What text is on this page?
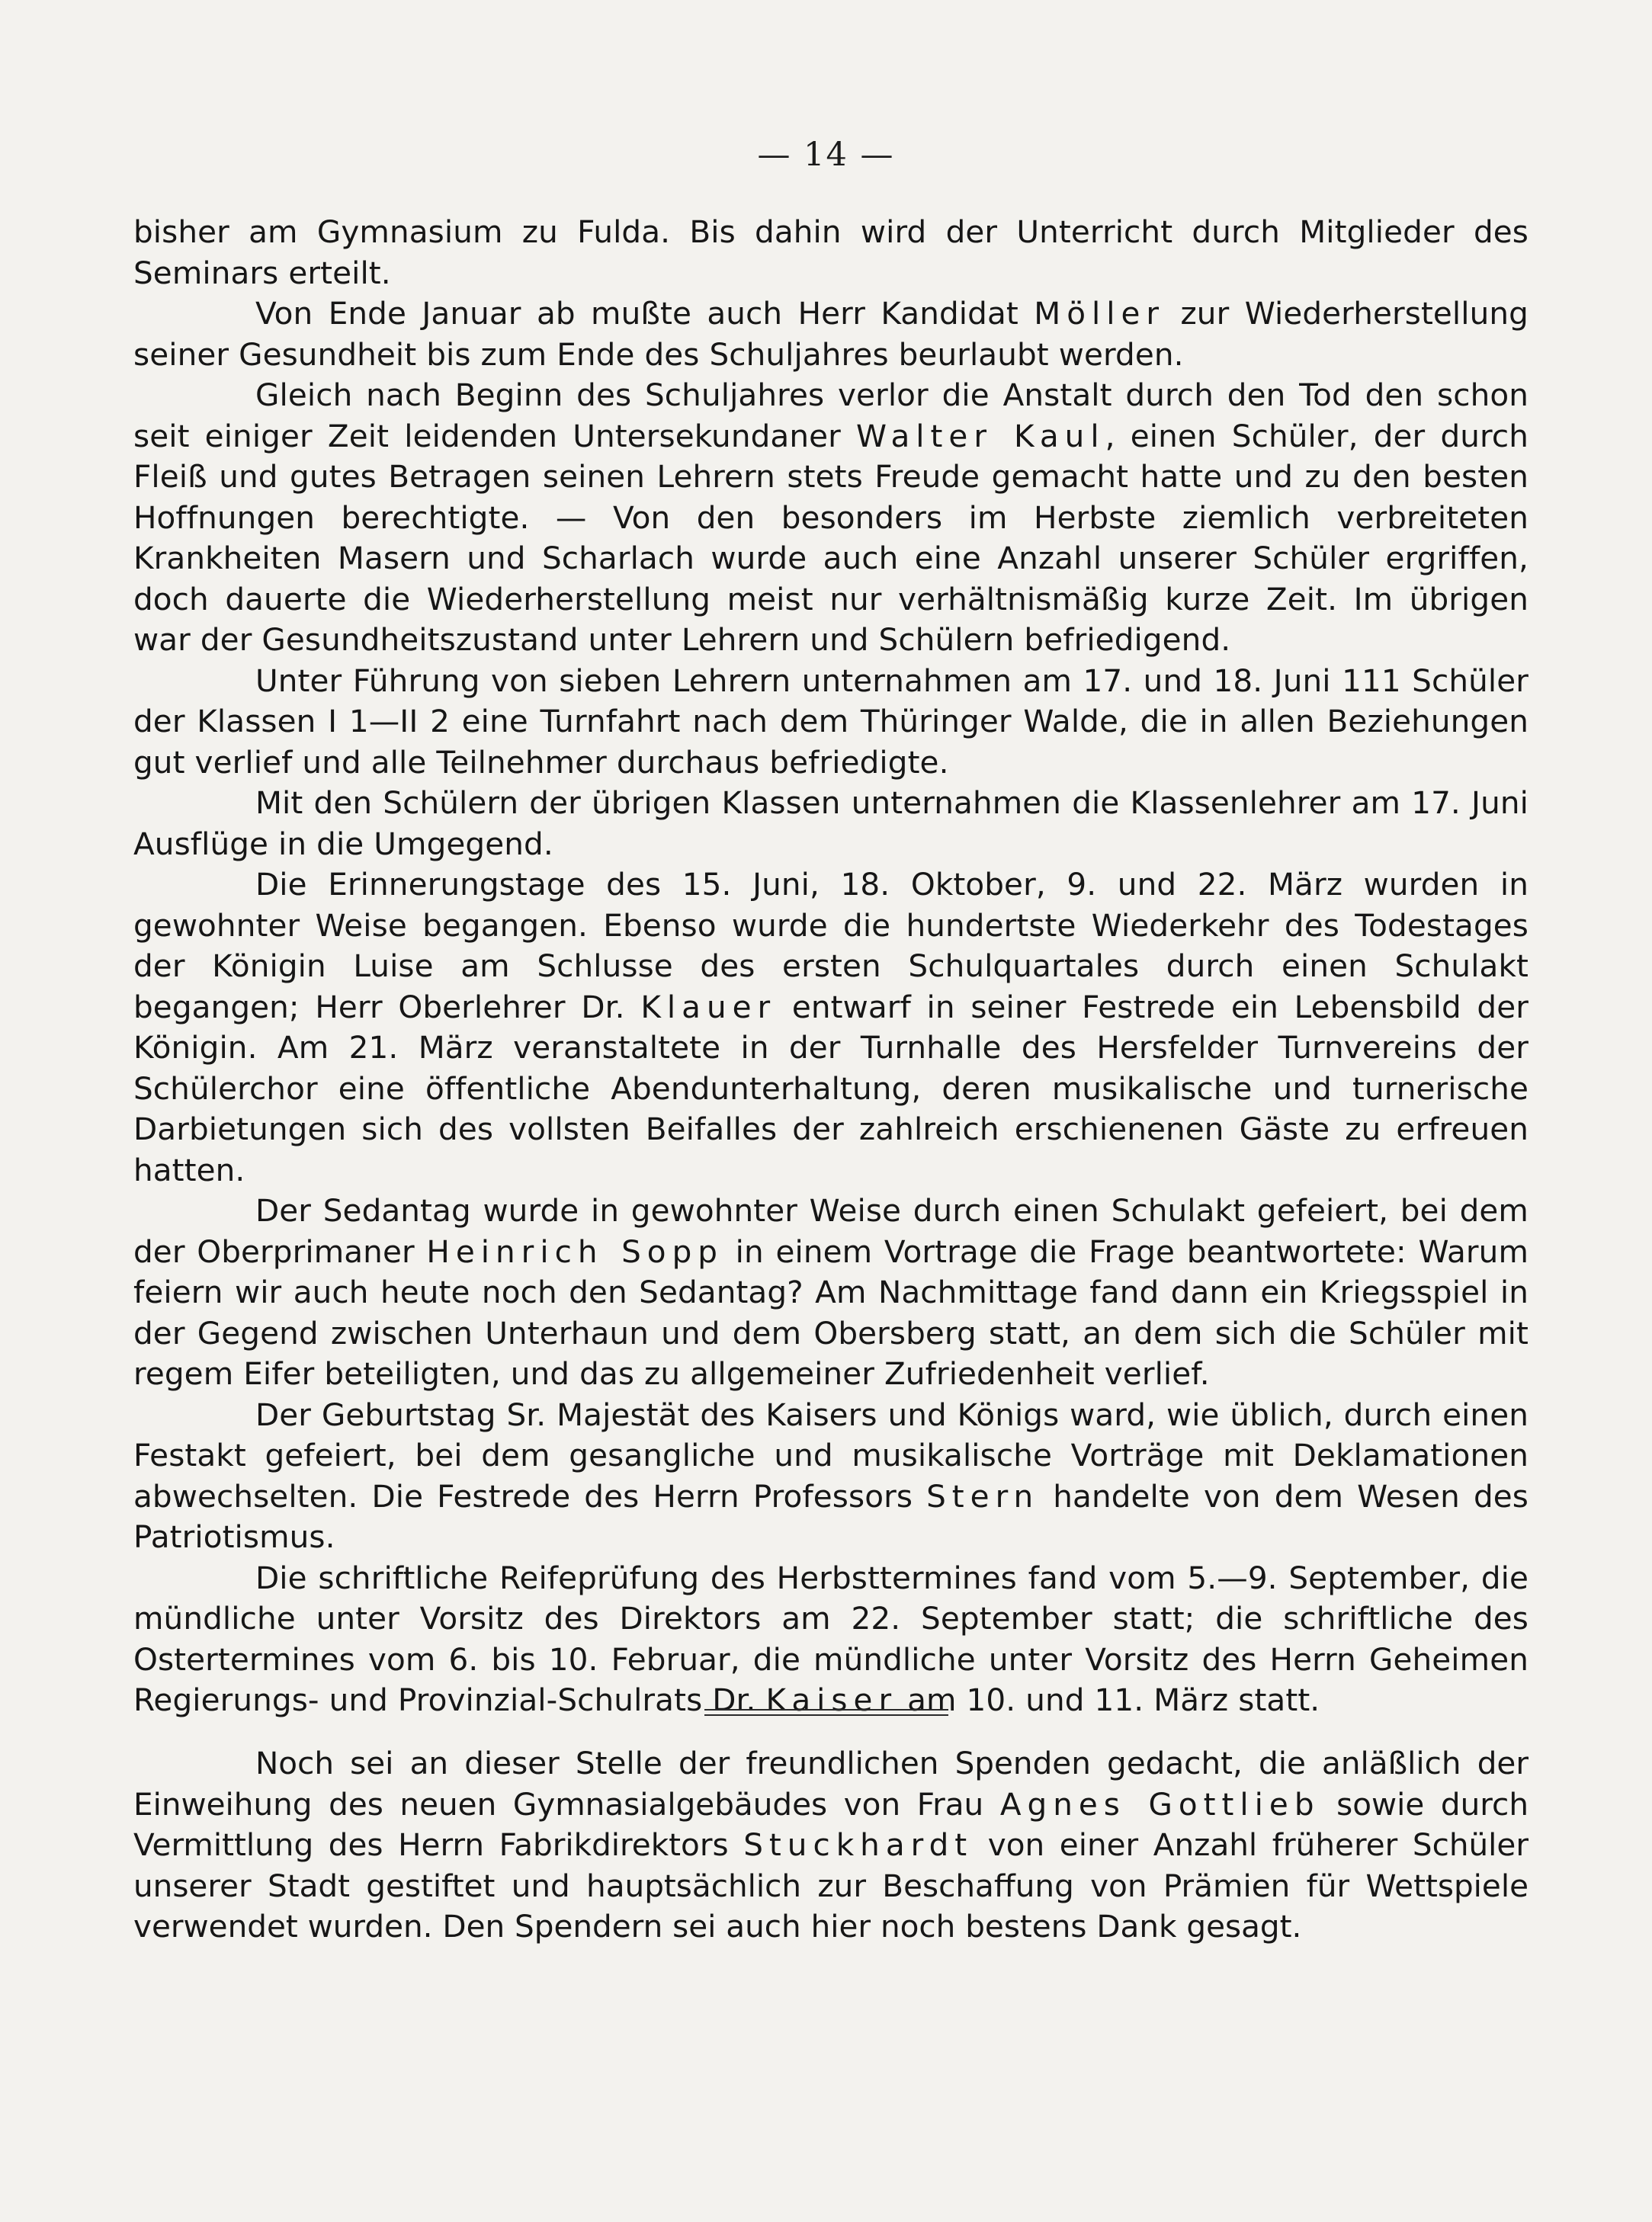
— 14 —

bisher am Gymnasium zu Fulda. Bis dahin wird der Unterricht durch Mitglieder des Seminars erteilt.

Von Ende Januar ab mußte auch Herr Kandidat Möller zur Wiederherstellung seiner Gesundheit bis zum Ende des Schuljahres beurlaubt werden.

Gleich nach Beginn des Schuljahres verlor die Anstalt durch den Tod den schon seit einiger Zeit leidenden Untersekundaner Walter Kaul, einen Schüler, der durch Fleiß und gutes Betragen seinen Lehrern stets Freude gemacht hatte und zu den besten Hoffnungen berechtigte. — Von den besonders im Herbste ziemlich verbreiteten Krankheiten Masern und Scharlach wurde auch eine Anzahl unserer Schüler ergriffen, doch dauerte die Wiederherstellung meist nur verhältnismäßig kurze Zeit. Im übrigen war der Gesundheitszustand unter Lehrern und Schülern befriedigend.

Unter Führung von sieben Lehrern unternahmen am 17. und 18. Juni 111 Schüler der Klassen I 1—II 2 eine Turnfahrt nach dem Thüringer Walde, die in allen Beziehungen gut verlief und alle Teilnehmer durchaus befriedigte.

Mit den Schülern der übrigen Klassen unternahmen die Klassenlehrer am 17. Juni Ausflüge in die Umgegend.

Die Erinnerungstage des 15. Juni, 18. Oktober, 9. und 22. März wurden in gewohnter Weise begangen. Ebenso wurde die hundertste Wiederkehr des Todestages der Königin Luise am Schlusse des ersten Schulquartales durch einen Schulakt begangen; Herr Oberlehrer Dr. Klauer entwarf in seiner Festrede ein Lebensbild der Königin. Am 21. März veranstaltete in der Turnhalle des Hersfelder Turnvereins der Schülerchor eine öffentliche Abendunterhaltung, deren musikalische und turnerische Darbietungen sich des vollsten Beifalles der zahlreich erschienenen Gäste zu erfreuen hatten.

Der Sedantag wurde in gewohnter Weise durch einen Schulakt gefeiert, bei dem der Oberprimaner Heinrich Sopp in einem Vortrage die Frage beantwortete: Warum feiern wir auch heute noch den Sedantag? Am Nachmittage fand dann ein Kriegsspiel in der Gegend zwischen Unterhaun und dem Obersberg statt, an dem sich die Schüler mit regem Eifer beteiligten, und das zu allgemeiner Zufriedenheit verlief.

Der Geburtstag Sr. Majestät des Kaisers und Königs ward, wie üblich, durch einen Festakt gefeiert, bei dem gesangliche und musikalische Vorträge mit Deklamationen abwechselten. Die Festrede des Herrn Professors Stern handelte von dem Wesen des Patriotismus.

Die schriftliche Reifeprüfung des Herbsttermines fand vom 5.—9. September, die mündliche unter Vorsitz des Direktors am 22. September statt; die schriftliche des Ostertermines vom 6. bis 10. Februar, die mündliche unter Vorsitz des Herrn Geheimen Regierungs- und Provinzial-Schulrats Dr. Kaiser am 10. und 11. März statt.

Noch sei an dieser Stelle der freundlichen Spenden gedacht, die anläßlich der Einweihung des neuen Gymnasialgebäudes von Frau Agnes Gottlieb sowie durch Vermittlung des Herrn Fabrikdirektors Stuckhardt von einer Anzahl früherer Schüler unserer Stadt gestiftet und hauptsächlich zur Beschaffung von Prämien für Wettspiele verwendet wurden. Den Spendern sei auch hier noch bestens Dank gesagt.
